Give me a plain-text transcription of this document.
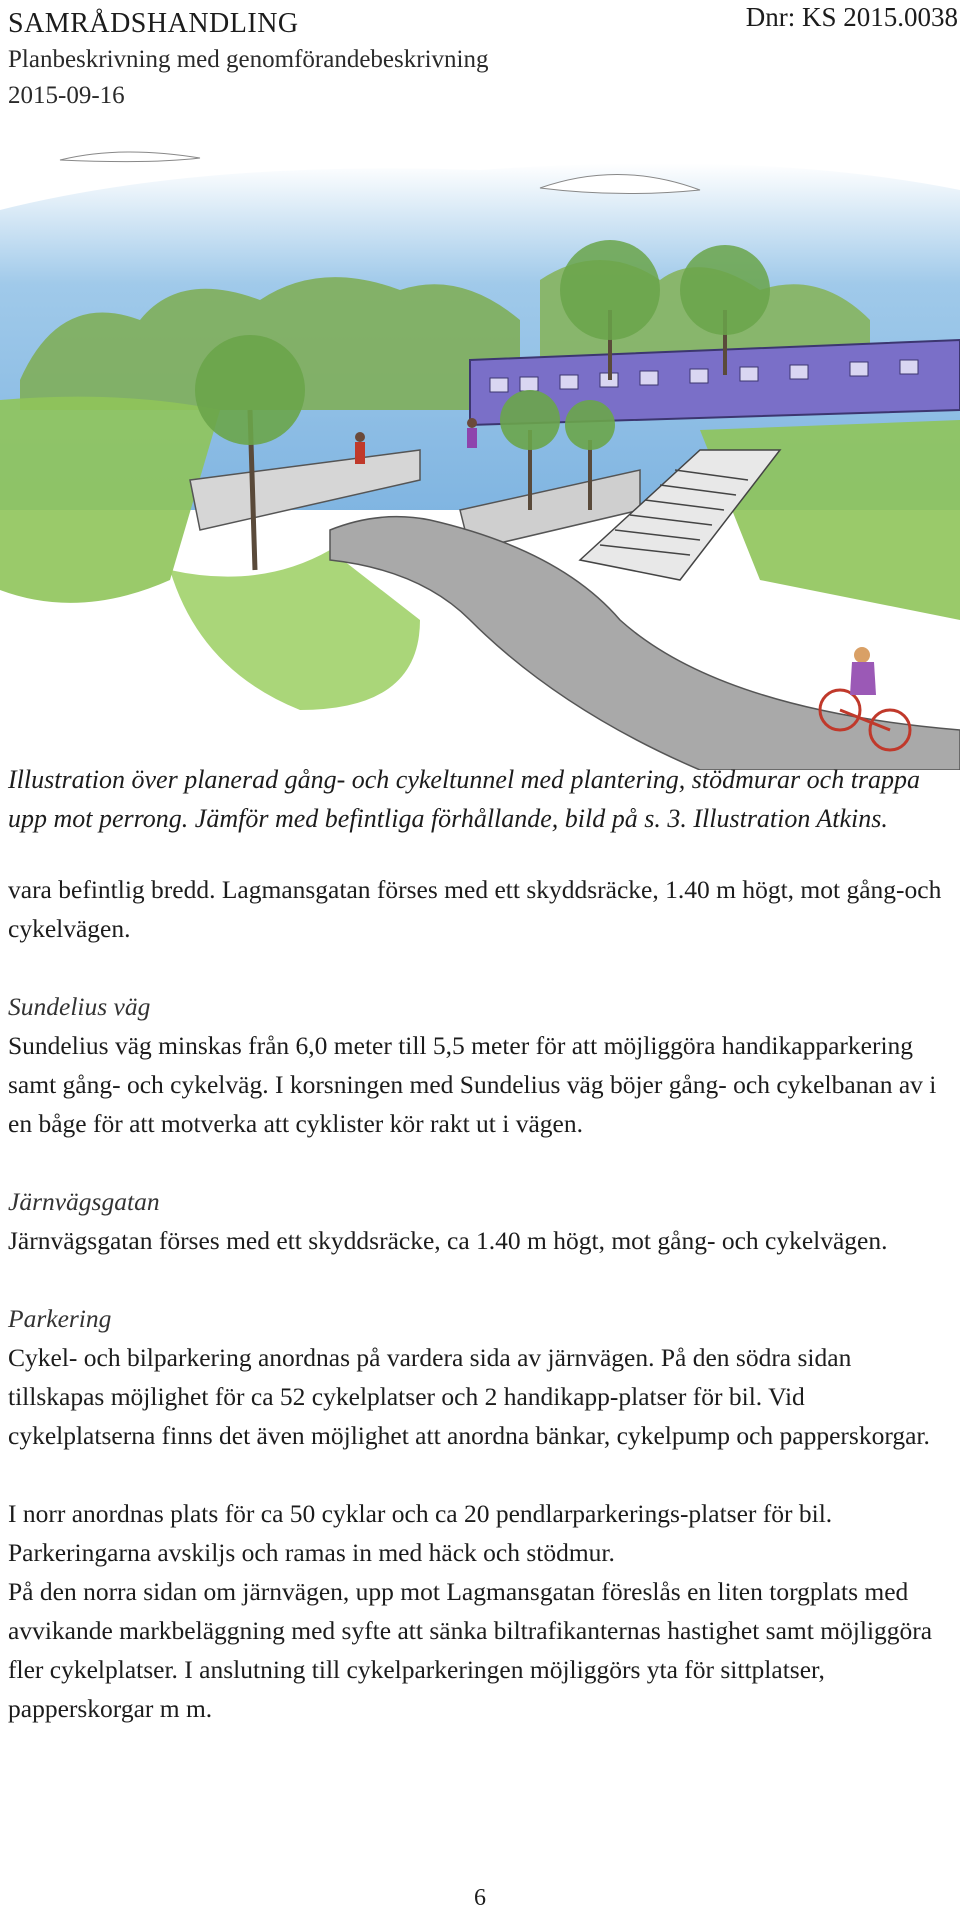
SAMRÅDSHANDLING
Planbeskrivning med genomförandebeskrivning
2015-09-16
Dnr: KS 2015.0038
Illustration över planerad gång- och cykeltunnel med plantering, stödmurar och trappa upp mot perrong. Jämför med befintliga förhållande, bild på s. 3. Illustration Atkins.

vara befintlig bredd. Lagmansgatan förses med ett skyddsräcke, 1.40 m högt, mot gång-och cykelvägen.

Sundelius väg

Sundelius väg minskas från 6,0 meter till 5,5 meter för att möjliggöra handikapparkering samt gång- och cykelväg. I korsningen med Sundelius väg böjer gång- och cykelbanan av i en båge för att motverka att cyklister kör rakt ut i vägen.

Järnvägsgatan

Järnvägsgatan förses med ett skyddsräcke, ca 1.40 m högt, mot gång- och cykelvägen.

Parkering

Cykel- och bilparkering anordnas på vardera sida av järnvägen. På den södra sidan tillskapas möjlighet för ca 52 cykelplatser och 2 handikapp-platser för bil. Vid cykelplatserna finns det även möjlighet att anordna bänkar, cykelpump och papperskorgar.

I norr anordnas plats för ca 50 cyklar och ca 20 pendlarparkerings-platser för bil. Parkeringarna avskiljs och ramas in med häck och stödmur.

På den norra sidan om järnvägen, upp mot Lagmansgatan föreslås en liten torgplats med avvikande markbeläggning med syfte att sänka biltrafikanternas hastighet samt möjliggöra fler cykelplatser. I anslutning till cykelparkeringen möjliggörs yta för sittplatser, papperskorgar m m.

6
